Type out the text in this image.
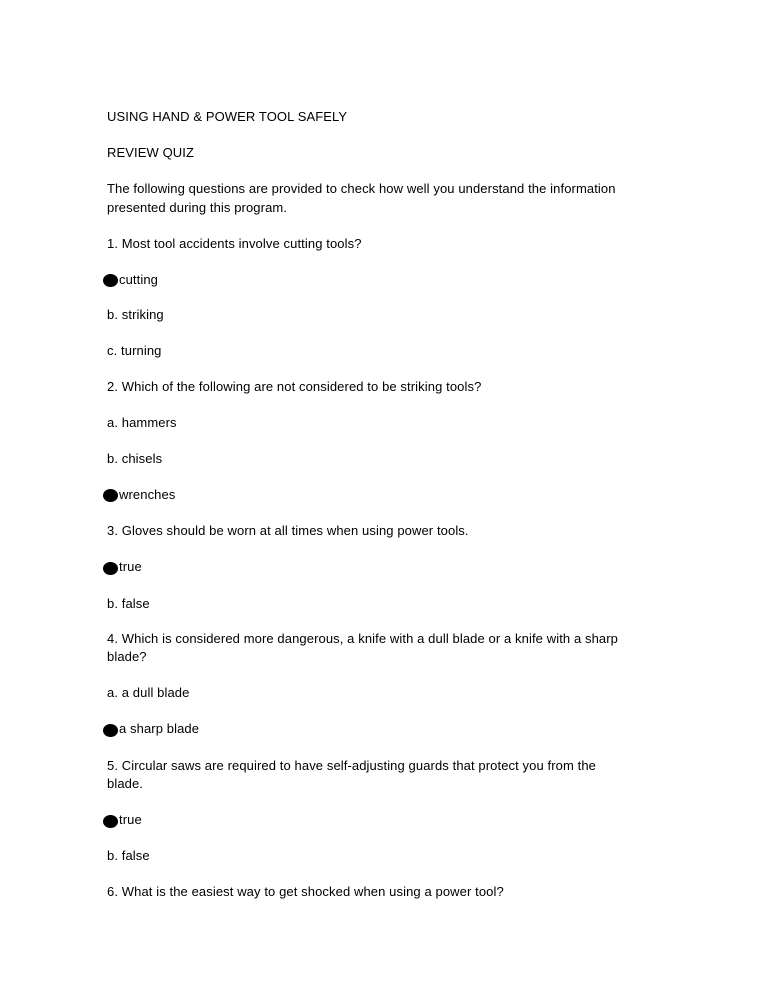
USING HAND & POWER TOOL SAFELY
REVIEW QUIZ
The following questions are provided to check how well you understand the information
presented during this program.
1. Most tool accidents involve cutting tools?
cutting
b. striking
c. turning
2. Which of the following are not considered to be striking tools?
a. hammers
b. chisels
wrenches
3. Gloves should be worn at all times when using power tools.
true
b. false
4. Which is considered more dangerous, a knife with a dull blade or a knife with a sharp
blade?
a. a dull blade
a sharp blade
5. Circular saws are required to have self-adjusting guards that protect you from the
blade.
true
b. false
6. What is the easiest way to get shocked when using a power tool?
